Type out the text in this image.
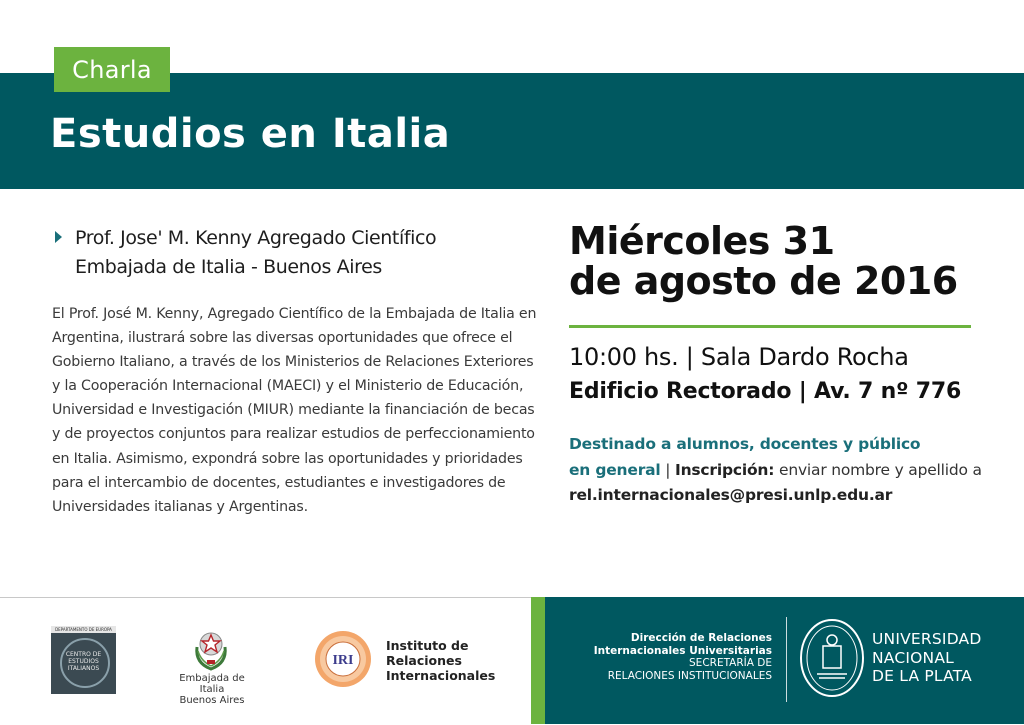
Estudios en Italia
Charla
Prof. Jose' M. Kenny Agregado Científico
Embajada de Italia - Buenos Aires
El Prof. José M. Kenny, Agregado Científico de la Embajada de Italia en Argentina, ilustrará sobre las diversas oportunidades que ofrece el Gobierno Italiano, a través de los Ministerios de Relaciones Exteriores y la Cooperación Internacional (MAECI) y el Ministerio de Educación, Universidad e Investigación (MIUR) mediante la financiación de becas y de proyectos conjuntos para realizar estudios de perfeccionamiento en Italia. Asimismo, expondrá sobre las oportunidades y prioridades para el intercambio de docentes, estudiantes e investigadores de Universidades italianas y Argentinas.
Miércoles 31
de agosto de 2016
10:00 hs. | Sala Dardo Rocha
Edificio Rectorado | Av. 7 nº 776
Destinado a alumnos, docentes y público
en general | Inscripción: enviar nombre y apellido a rel.internacionales@presi.unlp.edu.ar
DEPARTAMENTO DE EUROPA
CENTRO DE ESTUDIOS ITALIANOS
Embajada de Italia
Buenos Aires
IRI
Instituto de
Relaciones
Internacionales
Dirección de Relaciones
Internacionales Universitarias
SECRETARÍA DE
RELACIONES INSTITUCIONALES
UNIVERSIDAD
NACIONAL
DE LA PLATA
